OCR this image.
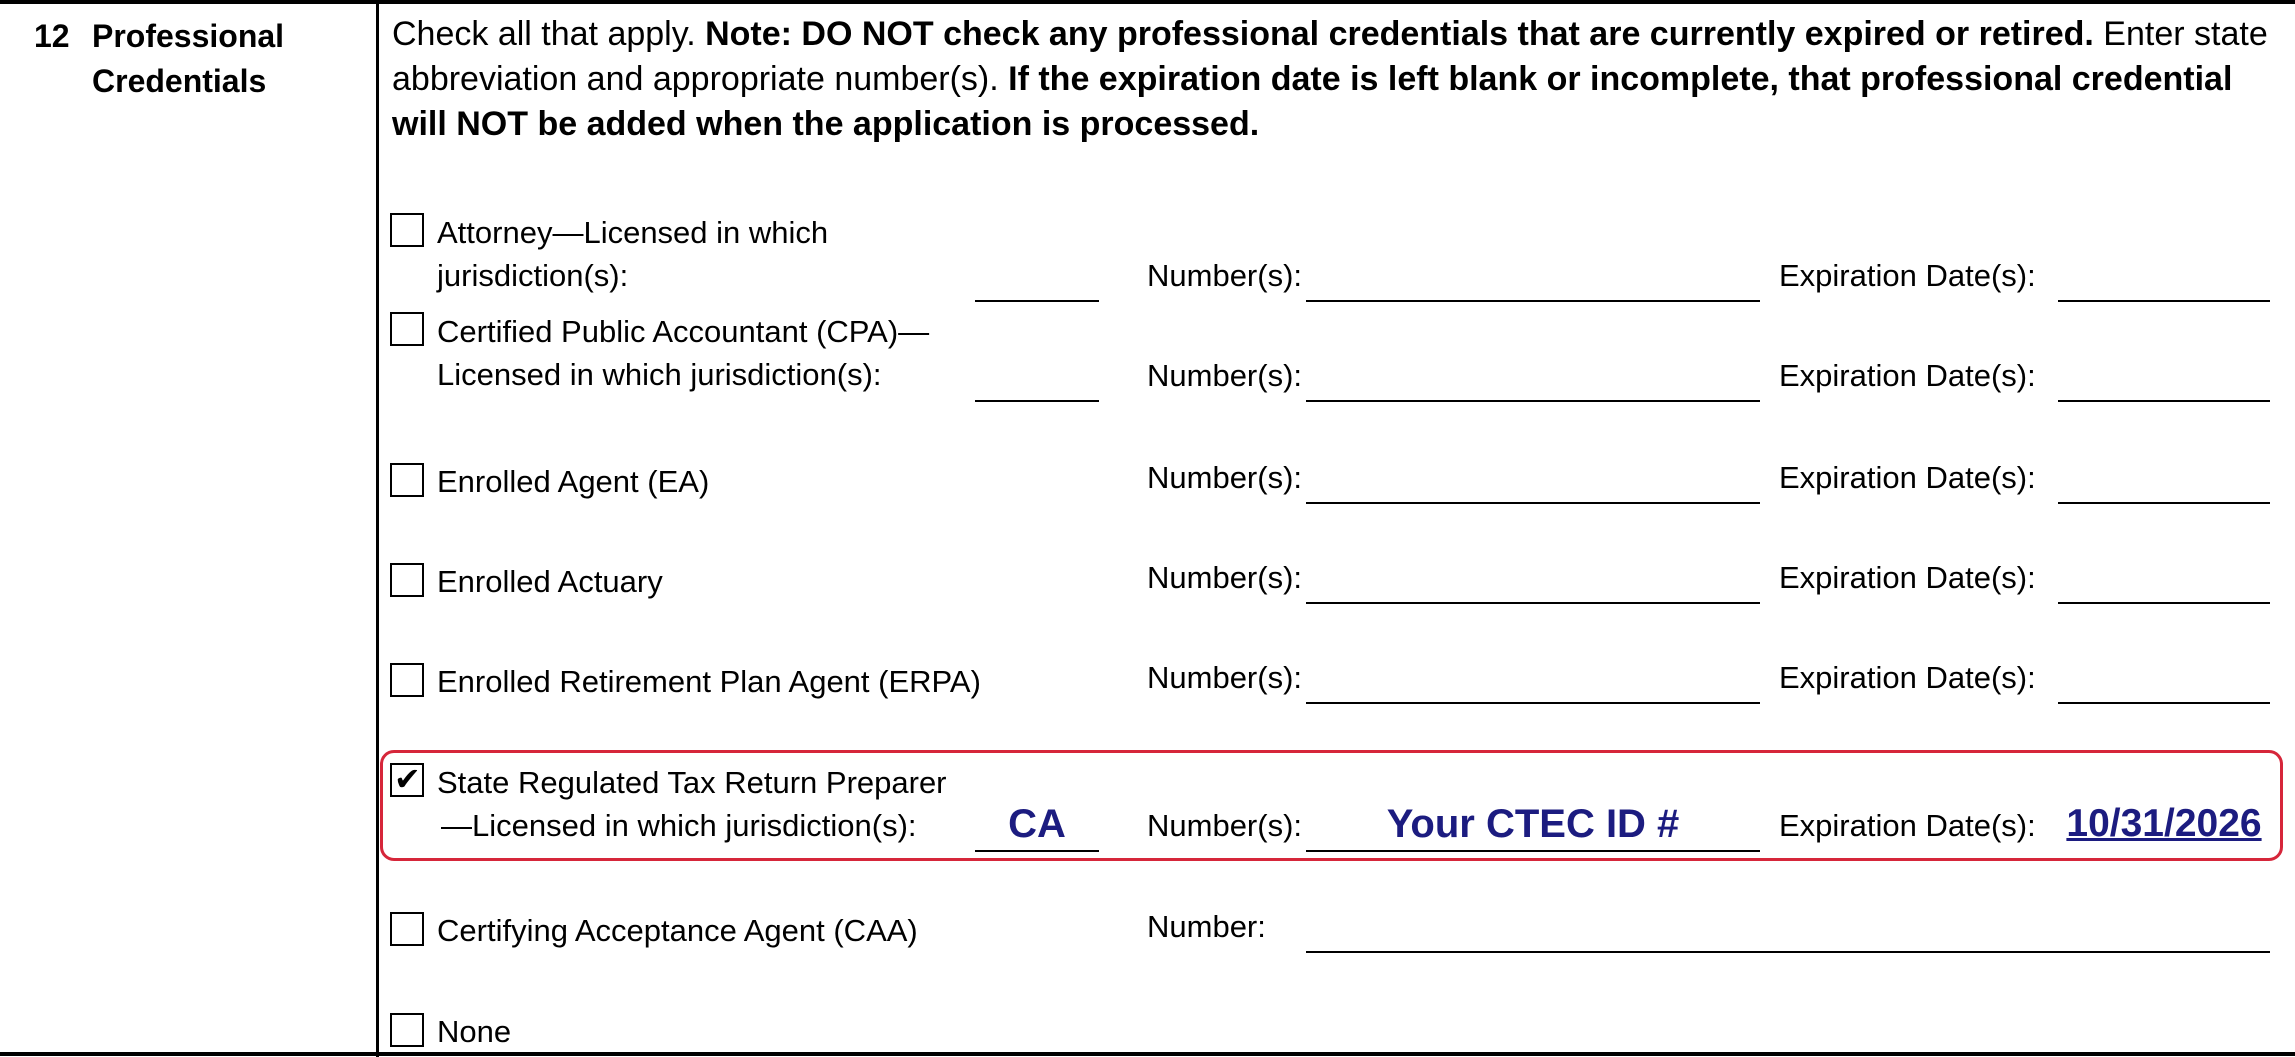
12 Professional
Credentials
Check all that apply. Note: DO NOT check any professional credentials that are currently expired or retired. Enter state abbreviation and appropriate number(s). If the expiration date is left blank or incomplete, that professional credential will NOT be added when the application is processed.
Attorney—Licensed in which
jurisdiction(s):	Number(s):	Expiration Date(s):
Certified Public Accountant (CPA)—
Licensed in which jurisdiction(s):	Number(s):	Expiration Date(s):
Enrolled Agent (EA)	Number(s):	Expiration Date(s):
Enrolled Actuary	Number(s):	Expiration Date(s):
Enrolled Retirement Plan Agent (ERPA)	Number(s):	Expiration Date(s):
✔ State Regulated Tax Return Preparer
—Licensed in which jurisdiction(s):	CA	Number(s):	Your CTEC ID #	Expiration Date(s): 10/31/2026
Certifying Acceptance Agent (CAA)	Number:
None
